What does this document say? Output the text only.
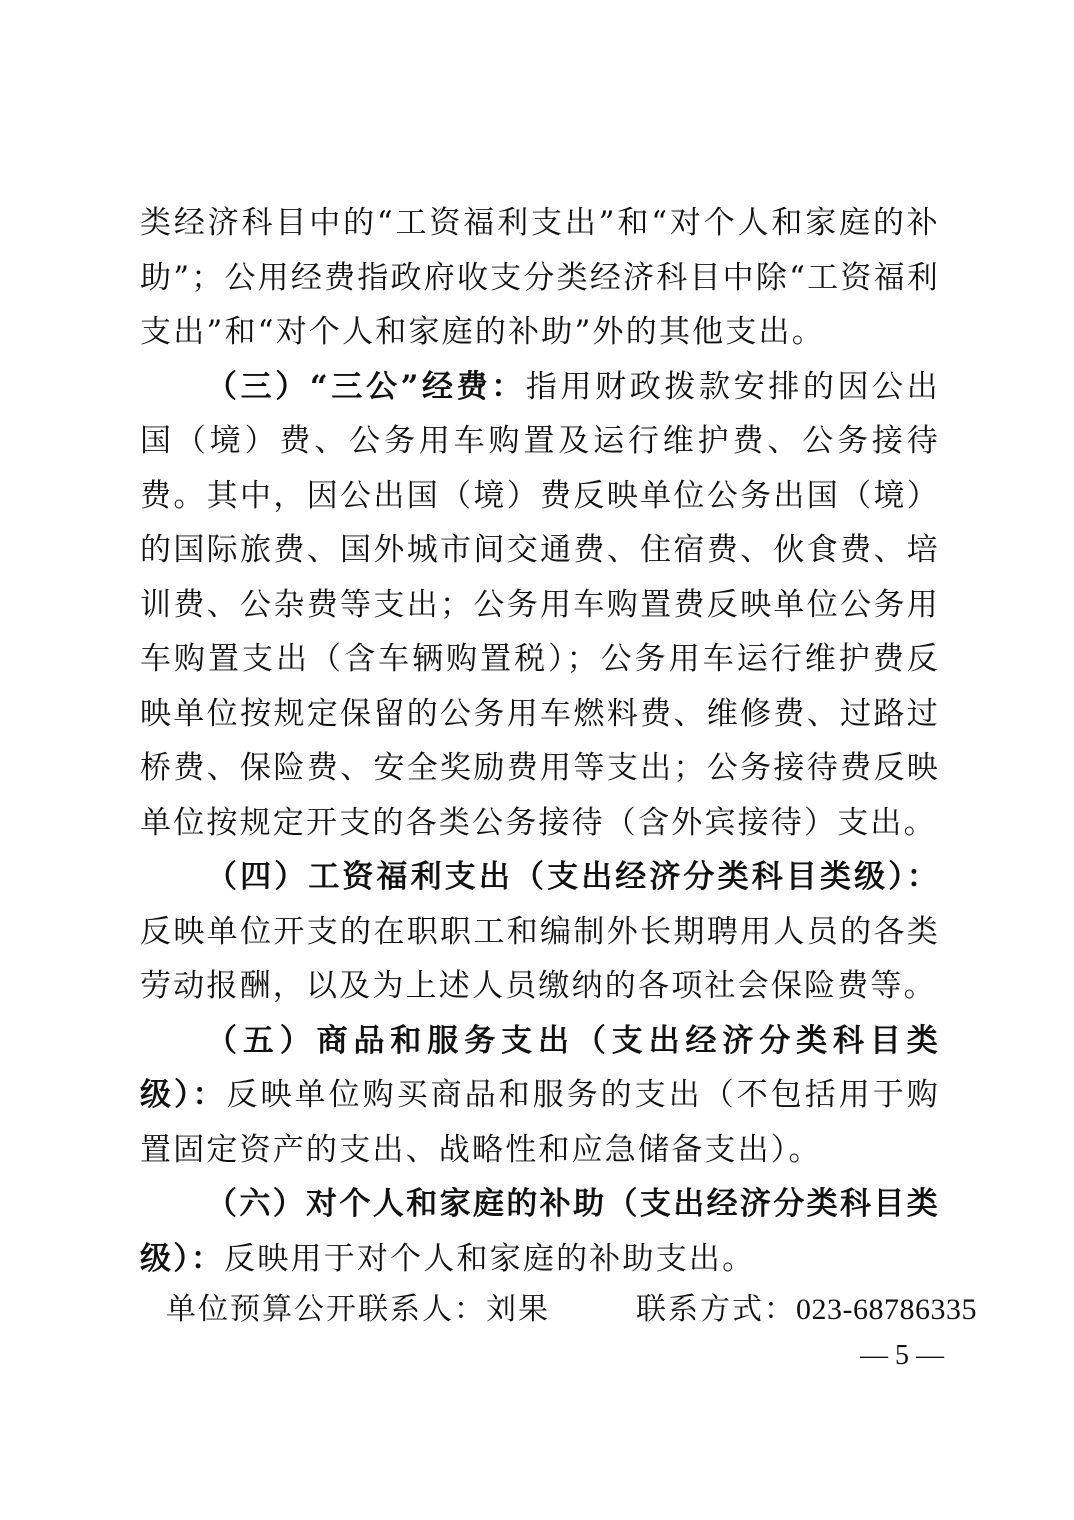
类经济科目中的“工资福利支出”和“对个人和家庭的补助”；公用经费指政府收支分类经济科目中除“工资福利支出”和“对个人和家庭的补助”外的其他支出。

（三）“三公”经费：指用财政拨款安排的因公出国（境）费、公务用车购置及运行维护费、公务接待费。其中，因公出国（境）费反映单位公务出国（境）的国际旅费、国外城市间交通费、住宿费、伙食费、培训费、公杂费等支出；公务用车购置费反映单位公务用车购置支出（含车辆购置税）；公务用车运行维护费反映单位按规定保留的公务用车燃料费、维修费、过路过桥费、保险费、安全奖励费用等支出；公务接待费反映单位按规定开支的各类公务接待（含外宾接待）支出。

（四）工资福利支出（支出经济分类科目类级）：反映单位开支的在职职工和编制外长期聘用人员的各类劳动报酬，以及为上述人员缴纳的各项社会保险费等。

（五）商品和服务支出（支出经济分类科目类级）：反映单位购买商品和服务的支出（不包括用于购置固定资产的支出、战略性和应急储备支出）。

（六）对个人和家庭的补助（支出经济分类科目类级）：反映用于对个人和家庭的补助支出。

单位预算公开联系人：刘果	联系方式：023-68786335
— 5 —
